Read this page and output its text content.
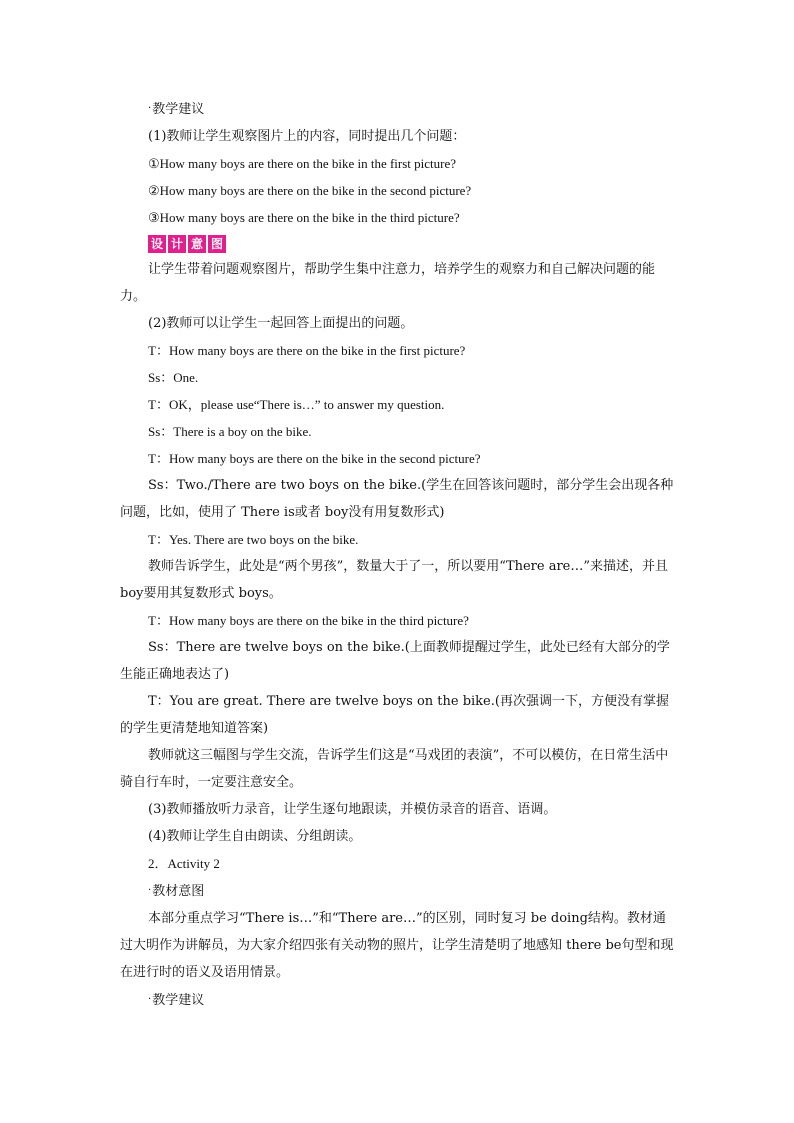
·教学建议

(1)教师让学生观察图片上的内容，同时提出几个问题：

①How many boys are there on the bike in the first picture?

②How many boys are there on the bike in the second picture?

③How many boys are there on the bike in the third picture?

设 计 意 图

让学生带着问题观察图片，帮助学生集中注意力，培养学生的观察力和自己解决问题的能力。

(2)教师可以让学生一起回答上面提出的问题。

T：How many boys are there on the bike in the first picture?

Ss：One.

T：OK，please use“There is…” to answer my question.

Ss：There is a boy on the bike.

T：How many boys are there on the bike in the second picture?

Ss：Two./There are two boys on the bike.(学生在回答该问题时，部分学生会出现各种问题，比如，使用了 There is或者 boy没有用复数形式)

T：Yes. There are two boys on the bike.

教师告诉学生，此处是“两个男孩”，数量大于了一，所以要用“There are…”来描述，并且 boy要用其复数形式 boys。

T：How many boys are there on the bike in the third picture?

Ss：There are twelve boys on the bike.(上面教师提醒过学生，此处已经有大部分的学生能正确地表达了)

T：You are great. There are twelve boys on the bike.(再次强调一下，方便没有掌握的学生更清楚地知道答案)

教师就这三幅图与学生交流，告诉学生们这是“马戏团的表演”，不可以模仿，在日常生活中骑自行车时，一定要注意安全。

(3)教师播放听力录音，让学生逐句地跟读，并模仿录音的语音、语调。

(4)教师让学生自由朗读、分组朗读。

2．Activity 2

·教材意图

本部分重点学习“There is…”和“There are…”的区别，同时复习 be doing结构。教材通过大明作为讲解员，为大家介绍四张有关动物的照片，让学生清楚明了地感知 there be句型和现在进行时的语义及语用情景。

·教学建议
